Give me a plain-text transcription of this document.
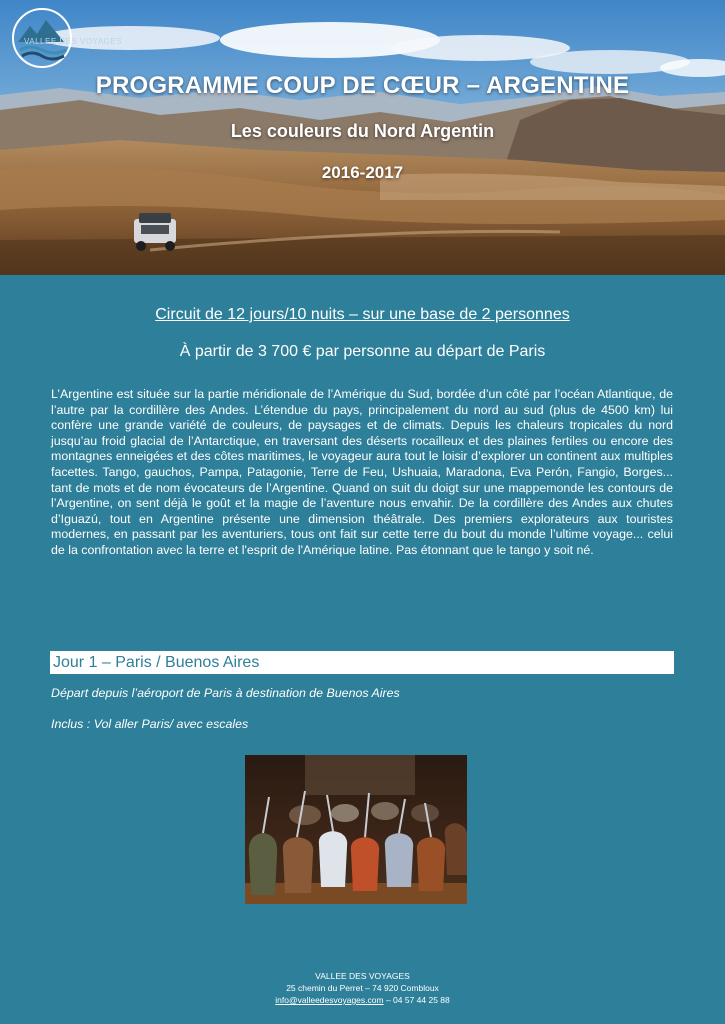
VALLEE DES VOYAGES
PROGRAMME COUP DE CŒUR – ARGENTINE
Les couleurs du Nord Argentin
2016-2017
Circuit de 12 jours/10 nuits – sur une base de 2 personnes
À partir de 3 700 € par personne au départ de Paris
L’Argentine est située sur la partie méridionale de l’Amérique du Sud, bordée d’un côté par l’océan Atlantique, de l’autre par la cordillère des Andes. L’étendue du pays, principalement du nord au sud (plus de 4500 km) lui confère une grande variété de couleurs, de paysages et de climats. Depuis les chaleurs tropicales du nord jusqu’au froid glacial de l’Antarctique, en traversant des déserts rocailleux et des plaines fertiles ou encore des montagnes enneigées et des côtes maritimes, le voyageur aura tout le loisir d’explorer un continent aux multiples facettes. Tango, gauchos, Pampa, Patagonie, Terre de Feu, Ushuaia, Maradona, Eva Perón, Fangio, Borges... tant de mots et de nom évocateurs de l’Argentine. Quand on suit du doigt sur une mappemonde les contours de l’Argentine, on sent déjà le goût et la magie de l’aventure nous envahir. De la cordillère des Andes aux chutes d’Iguazú, tout en Argentine présente une dimension théâtrale. Des premiers explorateurs aux touristes modernes, en passant par les aventuriers, tous ont fait sur cette terre du bout du monde l’ultime voyage... celui de la confrontation avec la terre et l'esprit de l'Amérique latine. Pas étonnant que le tango y soit né.
Jour 1 – Paris / Buenos Aires
Départ depuis l’aéroport de Paris à destination de Buenos Aires
Inclus : Vol aller Paris/ avec escales
VALLEE DES VOYAGES
25 chemin du Perret – 74 920 Combloux
info@valleedesvoyages.com – 04 57 44 25 88
